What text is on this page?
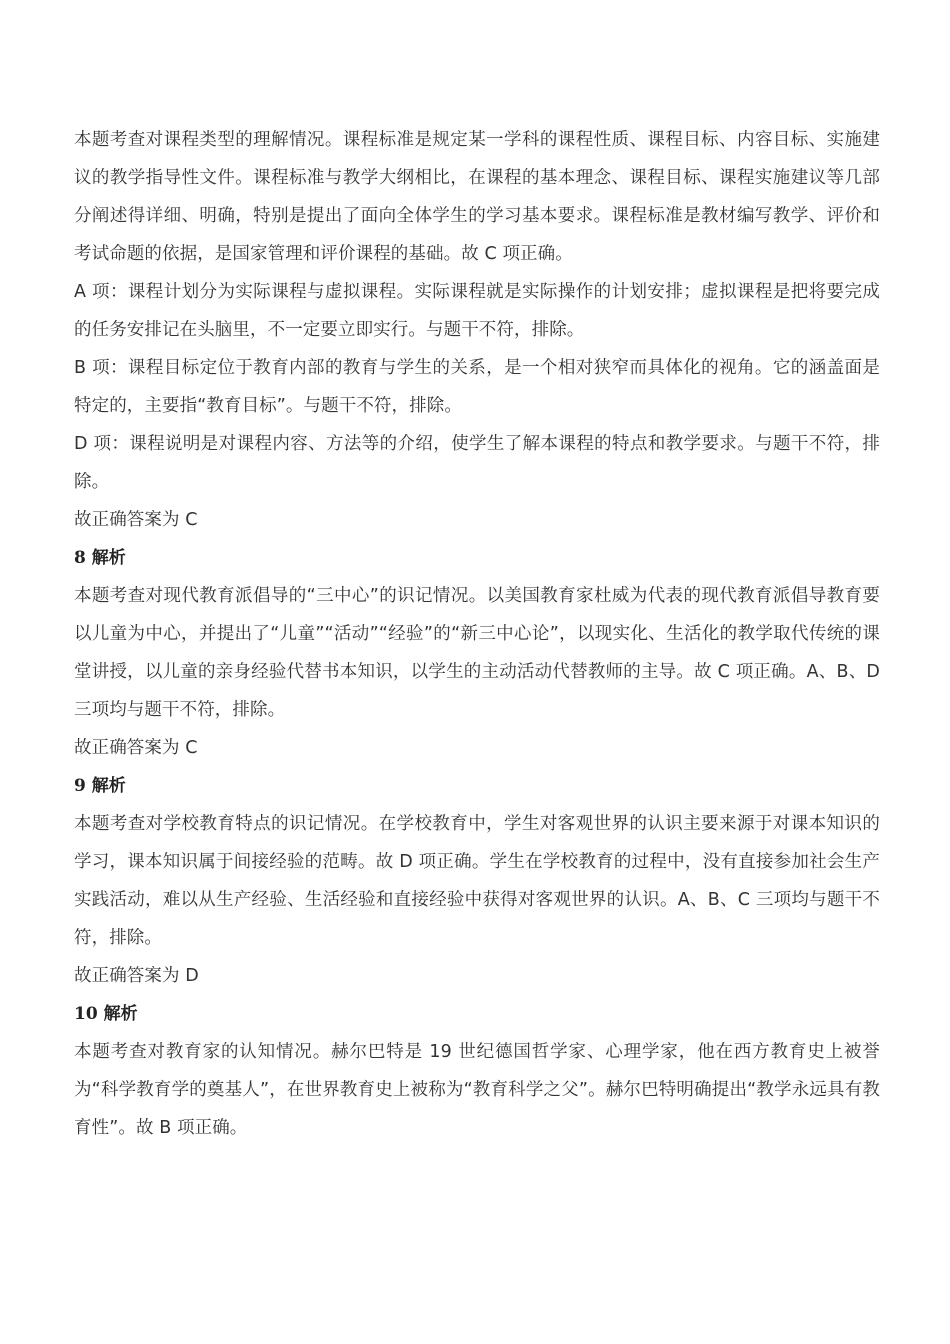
本题考查对课程类型的理解情况。课程标准是规定某一学科的课程性质、课程目标、内容目标、实施建议的教学指导性文件。课程标准与教学大纲相比，在课程的基本理念、课程目标、课程实施建议等几部分阐述得详细、明确，特别是提出了面向全体学生的学习基本要求。课程标准是教材编写教学、评价和考试命题的依据，是国家管理和评价课程的基础。故 C 项正确。

A 项：课程计划分为实际课程与虚拟课程。实际课程就是实际操作的计划安排；虚拟课程是把将要完成的任务安排记在头脑里，不一定要立即实行。与题干不符，排除。

B 项：课程目标定位于教育内部的教育与学生的关系，是一个相对狭窄而具体化的视角。它的涵盖面是特定的，主要指“教育目标”。与题干不符，排除。

D 项：课程说明是对课程内容、方法等的介绍，使学生了解本课程的特点和教学要求。与题干不符，排除。

故正确答案为 C

8 解析

本题考查对现代教育派倡导的“三中心”的识记情况。以美国教育家杜威为代表的现代教育派倡导教育要以儿童为中心，并提出了“儿童”“活动”“经验”的“新三中心论”，以现实化、生活化的教学取代传统的课堂讲授，以儿童的亲身经验代替书本知识，以学生的主动活动代替教师的主导。故 C 项正确。A、B、D 三项均与题干不符，排除。

故正确答案为 C

9 解析

本题考查对学校教育特点的识记情况。在学校教育中，学生对客观世界的认识主要来源于对课本知识的学习，课本知识属于间接经验的范畴。故 D 项正确。学生在学校教育的过程中，没有直接参加社会生产实践活动，难以从生产经验、生活经验和直接经验中获得对客观世界的认识。A、B、C 三项均与题干不符，排除。

故正确答案为 D

10 解析

本题考查对教育家的认知情况。赫尔巴特是 19 世纪德国哲学家、心理学家，他在西方教育史上被誉为“科学教育学的奠基人”，在世界教育史上被称为“教育科学之父”。赫尔巴特明确提出“教学永远具有教育性”。故 B 项正确。
